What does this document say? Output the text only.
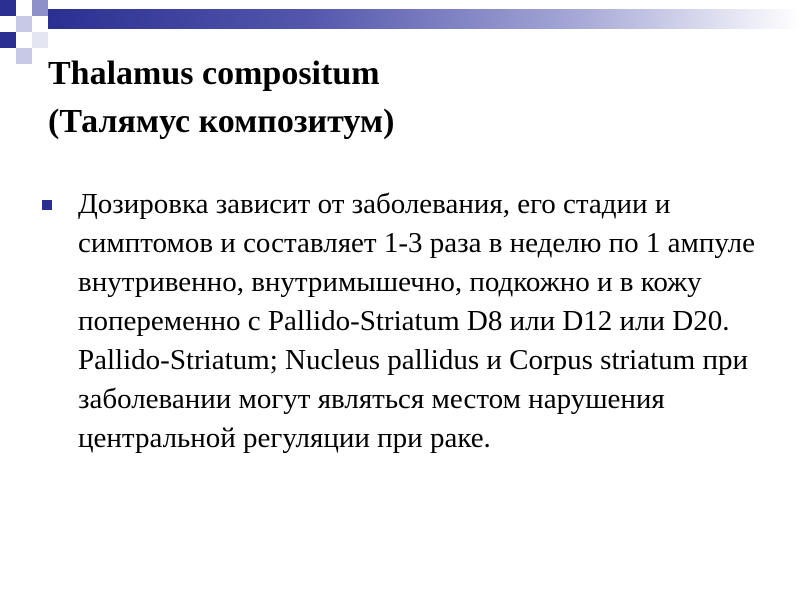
Thalamus compositum
(Талямус композитум)
Дозировка зависит от заболевания, его стадии и симптомов и составляет 1-3 раза в неделю по 1 ампуле внутривенно, внутримышечно, подкожно и в кожу попеременно с Pallido-Striatum D8 или D12 или D20. Pallido-Striatum; Nucleus pallidus и Corpus striatum при заболевании могут являться местом нарушения центральной регуляции при раке.
